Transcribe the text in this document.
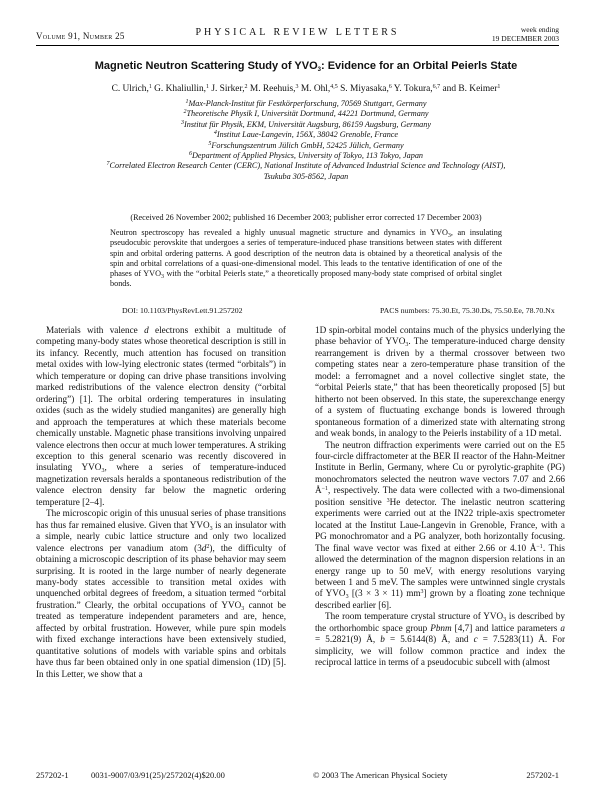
Volume 91, Number 25	PHYSICAL REVIEW LETTERS	week ending
19 DECEMBER 2003
Magnetic Neutron Scattering Study of $YVO_3$: Evidence for an Orbital Peierls State
C. Ulrich,$^1$ G. Khaliullin,$^1$ J. Sirker,$^2$ M. Reehuis,$^3$ M. Ohl,$^{4,5}$ S. Miyasaka,$^6$ Y. Tokura,$^{6,7}$ and B. Keimer$^1$
$^1$Max-Planck-Institut für Festkörperforschung, 70569 Stuttgart, Germany
$^2$Theoretische Physik I, Universität Dortmund, 44221 Dortmund, Germany
$^3$Institut für Physik, EKM, Universität Augsburg, 86159 Augsburg, Germany
$^4$Institut Laue-Langevin, 156X, 38042 Grenoble, France
$^5$Forschungszentrum Jülich GmbH, 52425 Jülich, Germany
$^6$Department of Applied Physics, University of Tokyo, 113 Tokyo, Japan
$^7$Correlated Electron Research Center (CERC), National Institute of Advanced Industrial Science and Technology (AIST),
Tsukuba 305-8562, Japan
(Received 26 November 2002; published 16 December 2003; publisher error corrected 17 December 2003)
Neutron spectroscopy has revealed a highly unusual magnetic structure and dynamics in $YVO_3$, an insulating pseudocubic perovskite that undergoes a series of temperature-induced phase transitions between states with different spin and orbital ordering patterns. A good description of the neutron data is obtained by a theoretical analysis of the spin and orbital correlations of a quasi-one-dimensional model. This leads to the tentative identification of one of the phases of $YVO_3$ with the “orbital Peierls state,” a theoretically proposed many-body state comprised of orbital singlet bonds.
DOI: 10.1103/PhysRevLett.91.257202	PACS numbers: 75.30.Et, 75.30.Ds, 75.50.Ee, 78.70.Nx

Materials with valence d electrons exhibit a multitude of competing many-body states whose theoretical description is still in its infancy. Recently, much attention has focused on transition metal oxides with low-lying electronic states (termed “orbitals”) in which temperature or doping can drive phase transitions involving marked redistributions of the valence electron density (“orbital ordering”) [1]. The orbital ordering temperatures in insulating oxides (such as the widely studied manganites) are generally high and approach the temperatures at which these materials become chemically unstable. Magnetic phase transitions involving unpaired valence electrons then occur at much lower temperatures. A striking exception to this general scenario was recently discovered in insulating $YVO_3$, where a series of temperature-induced magnetization reversals heralds a spontaneous redistribution of the valence electron density far below the magnetic ordering temperature [2–4].

The microscopic origin of this unusual series of phase transitions has thus far remained elusive. Given that $YVO_3$ is an insulator with a simple, nearly cubic lattice structure and only two localized valence electrons per vanadium atom $(3d^2)$, the difficulty of obtaining a microscopic description of its phase behavior may seem surprising. It is rooted in the large number of nearly degenerate many-body states accessible to transition metal oxides with unquenched orbital degrees of freedom, a situation termed “orbital frustration.” Clearly, the orbital occupations of $YVO_3$ cannot be treated as temperature independent parameters and are, hence, affected by orbital frustration. However, while pure spin models with fixed exchange interactions have been extensively studied, quantitative solutions of models with variable spins and orbitals have thus far been obtained only in one spatial dimension (1D) [5]. In this Letter, we show that a

1D spin-orbital model contains much of the physics underlying the phase behavior of $YVO_3$. The temperature-induced charge density rearrangement is driven by a thermal crossover between two competing states near a zero-temperature phase transition of the model: a ferromagnet and a novel collective singlet state, the “orbital Peierls state,” that has been theoretically proposed [5] but hitherto not been observed. In this state, the superexchange energy of a system of fluctuating exchange bonds is lowered through spontaneous formation of a dimerized state with alternating strong and weak bonds, in analogy to the Peierls instability of a 1D metal.

The neutron diffraction experiments were carried out on the E5 four-circle diffractometer at the BER II reactor of the Hahn-Meitner Institute in Berlin, Germany, where Cu or pyrolytic-graphite (PG) monochromators selected the neutron wave vectors 7.07 and 2.66 $Å^{-1}$, respectively. The data were collected with a two-dimensional position sensitive $^3$He detector. The inelastic neutron scattering experiments were carried out at the IN22 triple-axis spectrometer located at the Institut Laue-Langevin in Grenoble, France, with a PG monochromator and a PG analyzer, both horizontally focusing. The final wave vector was fixed at either 2.66 or 4.10 $Å^{-1}$. This allowed the determination of the magnon dispersion relations in an energy range up to 50 meV, with energy resolutions varying between 1 and 5 meV. The samples were untwinned single crystals of $YVO_3$ [(3 × 3 × 11) $mm^3$] grown by a floating zone technique described earlier [6].

The room temperature crystal structure of $YVO_3$ is described by the orthorhombic space group Pbnm [4,7] and lattice parameters a = 5.2821(9) Å, b = 5.6144(8) Å, and c = 7.5283(11) Å. For simplicity, we will follow common practice and index the reciprocal lattice in terms of a pseudocubic subcell with (almost

257202-1	0031-9007/03/91(25)/257202(4)$20.00	© 2003 The American Physical Society	257202-1
